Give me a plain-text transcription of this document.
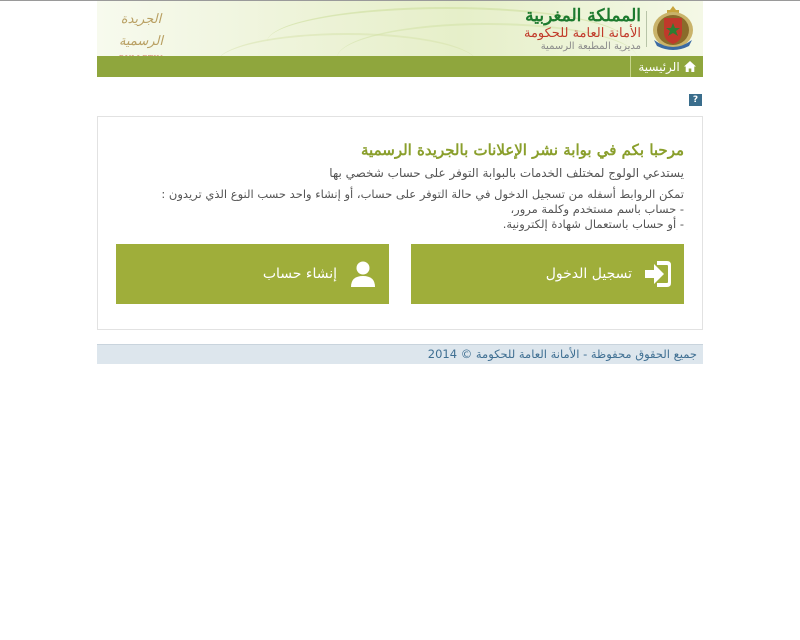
المملكة المغربية
الأمانة العامة للحكومة
مديرية المطبعة الرسمية
الجريدة الرسمية
الرئيسية
?
مرحبا بكم في بوابة نشر الإعلانات بالجريدة الرسمية
يستدعي الولوج لمختلف الخدمات بالبوابة التوفر على حساب شخصي بها
تمكن الروابط أسفله من تسجيل الدخول في حالة التوفر على حساب، أو إنشاء واحد حسب النوع الذي تريدون :
- حساب باسم مستخدم وكلمة مرور،
- أو حساب باستعمال شهادة إلكترونية.
تسجيل الدخول
إنشاء حساب
جميع الحقوق محفوظة - الأمانة العامة للحكومة © 2014
